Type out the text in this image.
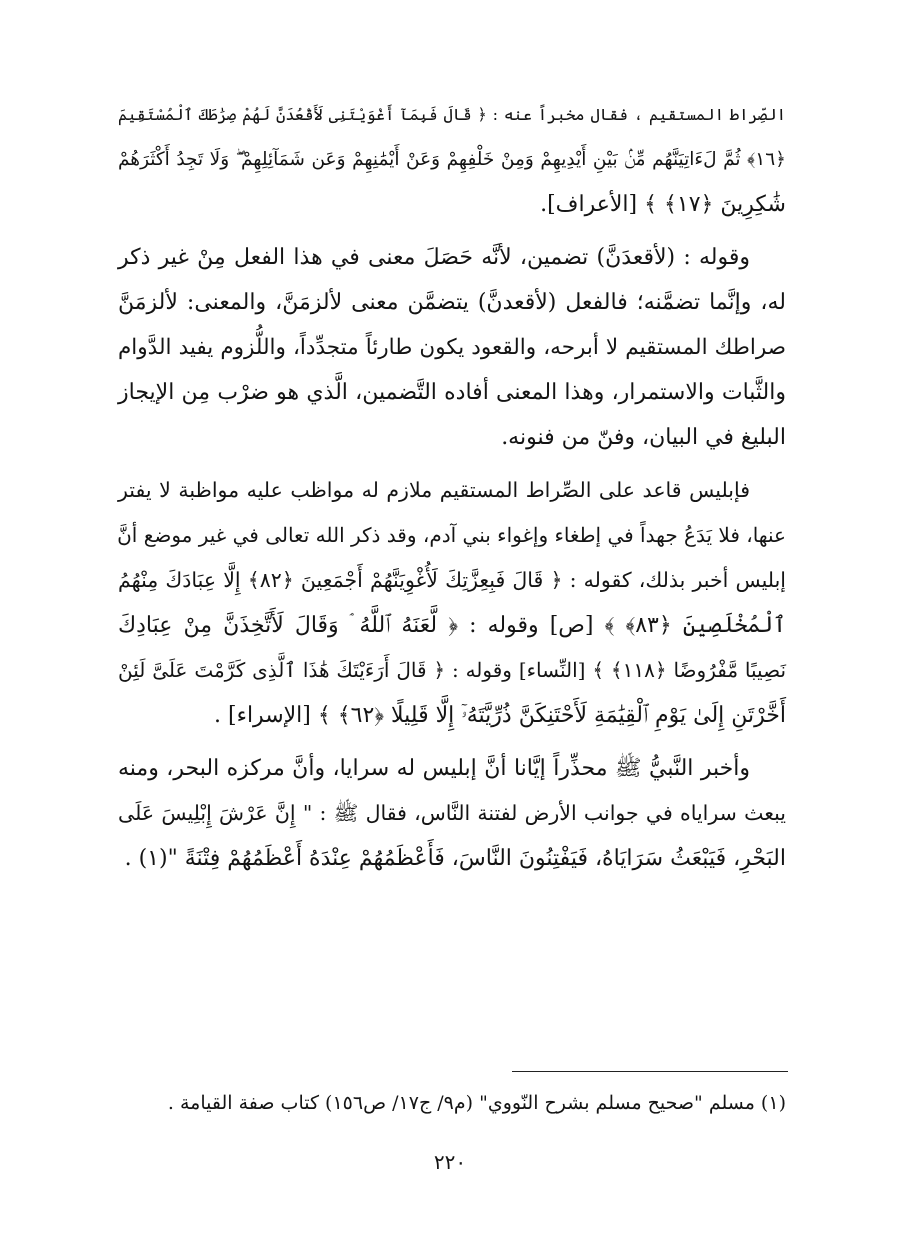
الصِّراط المستقيم ، فقال مخبراً عنه : ﴿ قَالَ فَبِمَآ أَغْوَيْتَنِى لَأَقْعُدَنَّ لَهُمْ صِرَٰطَكَ ٱلْمُسْتَقِيمَ
﴿١٦﴾ ثُمَّ لَءَاتِيَنَّهُم مِّنۢ بَيْنِ أَيْدِيهِمْ وَمِنْ خَلْفِهِمْ وَعَنْ أَيْمَٰنِهِمْ وَعَن شَمَآئِلِهِمْ ۖ وَلَا تَجِدُ أَكْثَرَهُمْ
شَٰكِرِينَ ﴿١٧﴾ ﴾ [الأعراف].

وقوله : (لأقعدَنَّ) تضمين، لأنَّه حَصَلَ معنى في هذا الفعل مِنْ غير ذكر
له، وإنَّما تضمَّنه؛ فالفعل (لأقعدنَّ) يتضمَّن معنى لألزمَنَّ، والمعنى: لألزمَنَّ
صراطك المستقيم لا أبرحه، والقعود يكون طارئاً متجدِّداً، واللُّزوم يفيد الدَّوام
والثَّبات والاستمرار، وهذا المعنى أفاده التَّضمين، الَّذي هو ضرْب مِن الإيجاز
البليغ في البيان، وفنّ من فنونه.

فإبليس قاعد على الصِّراط المستقيم ملازم له مواظب عليه مواظبة لا يفتر
عنها، فلا يَدَعُ جهداً في إطغاء وإغواء بني آدم، وقد ذكر الله تعالى في غير موضع أنَّ
إبليس أخبر بذلك، كقوله : ﴿ قَالَ فَبِعِزَّتِكَ لَأُغْوِيَنَّهُمْ أَجْمَعِينَ ﴿٨٢﴾ إِلَّا عِبَادَكَ مِنْهُمُ
ٱلْمُخْلَصِينَ ﴿٨٣﴾ ﴾ [ص] وقوله : ﴿ لَّعَنَهُ ٱللَّهُ ۘ وَقَالَ لَأَتَّخِذَنَّ مِنْ عِبَادِكَ
نَصِيبًا مَّفْرُوضًا ﴿١١٨﴾ ﴾ [النِّساء] وقوله : ﴿ قَالَ أَرَءَيْتَكَ هَٰذَا ٱلَّذِى كَرَّمْتَ عَلَىَّ لَئِنْ
أَخَّرْتَنِ إِلَىٰ يَوْمِ ٱلْقِيَٰمَةِ لَأَحْتَنِكَنَّ ذُرِّيَّتَهُۥٓ إِلَّا قَلِيلًا ﴿٦٢﴾ ﴾ [الإسراء] .

وأخبر النَّبيُّ ﷺ محذِّراً إيَّانا أنَّ إبليس له سرايا، وأنَّ مركزه البحر، ومنه
يبعث سراياه في جوانب الأرض لفتنة النَّاس، فقال ﷺ : " إِنَّ عَرْشَ إِبْلِيسَ عَلَى
البَحْرِ، فَيَبْعَثُ سَرَايَاهُ، فَيَفْتِنُونَ النَّاسَ، فَأَعْظَمُهُمْ عِنْدَهُ أَعْظَمُهُمْ فِتْنَةً "(١) .

(١) مسلم "صحيح مسلم بشرح النّووي" (م٩/ ج١٧/ ص١٥٦) كتاب صفة القيامة .
٢٢٠
